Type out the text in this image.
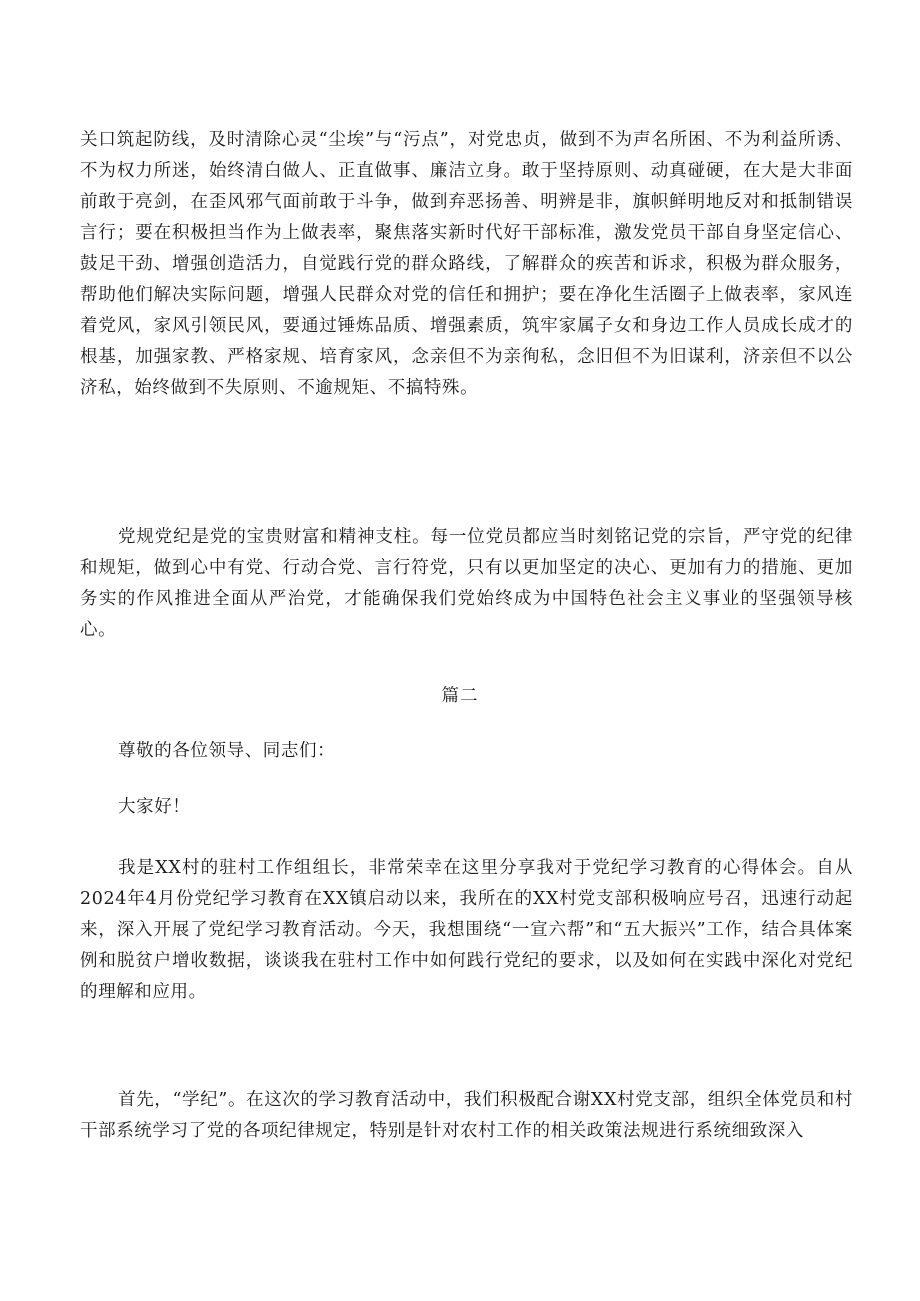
关口筑起防线，及时清除心灵“尘埃”与“污点”，对党忠贞，做到不为声名所困、不为利益所诱、不为权力所迷，始终清白做人、正直做事、廉洁立身。敢于坚持原则、动真碰硬，在大是大非面前敢于亮剑，在歪风邪气面前敢于斗争，做到弃恶扬善、明辨是非，旗帜鲜明地反对和抵制错误言行；要在积极担当作为上做表率，聚焦落实新时代好干部标准，激发党员干部自身坚定信心、鼓足干劲、增强创造活力，自觉践行党的群众路线，了解群众的疾苦和诉求，积极为群众服务，帮助他们解决实际问题，增强人民群众对党的信任和拥护；要在净化生活圈子上做表率，家风连着党风，家风引领民风，要通过锤炼品质、增强素质，筑牢家属子女和身边工作人员成长成才的根基，加强家教、严格家规、培育家风，念亲但不为亲徇私，念旧但不为旧谋利，济亲但不以公济私，始终做到不失原则、不逾规矩、不搞特殊。

党规党纪是党的宝贵财富和精神支柱。每一位党员都应当时刻铭记党的宗旨，严守党的纪律和规矩，做到心中有党、行动合党、言行符党，只有以更加坚定的决心、更加有力的措施、更加务实的作风推进全面从严治党，才能确保我们党始终成为中国特色社会主义事业的坚强领导核心。

篇二

尊敬的各位领导、同志们：

大家好！

我是XX村的驻村工作组组长，非常荣幸在这里分享我对于党纪学习教育的心得体会。自从2024年4月份党纪学习教育在XX镇启动以来，我所在的XX村党支部积极响应号召，迅速行动起来，深入开展了党纪学习教育活动。今天，我想围绕“一宣六帮”和“五大振兴”工作，结合具体案例和脱贫户增收数据，谈谈我在驻村工作中如何践行党纪的要求，以及如何在实践中深化对党纪的理解和应用。

首先，“学纪”。在这次的学习教育活动中，我们积极配合谢XX村党支部，组织全体党员和村干部系统学习了党的各项纪律规定，特别是针对农村工作的相关政策法规进行系统细致深入
